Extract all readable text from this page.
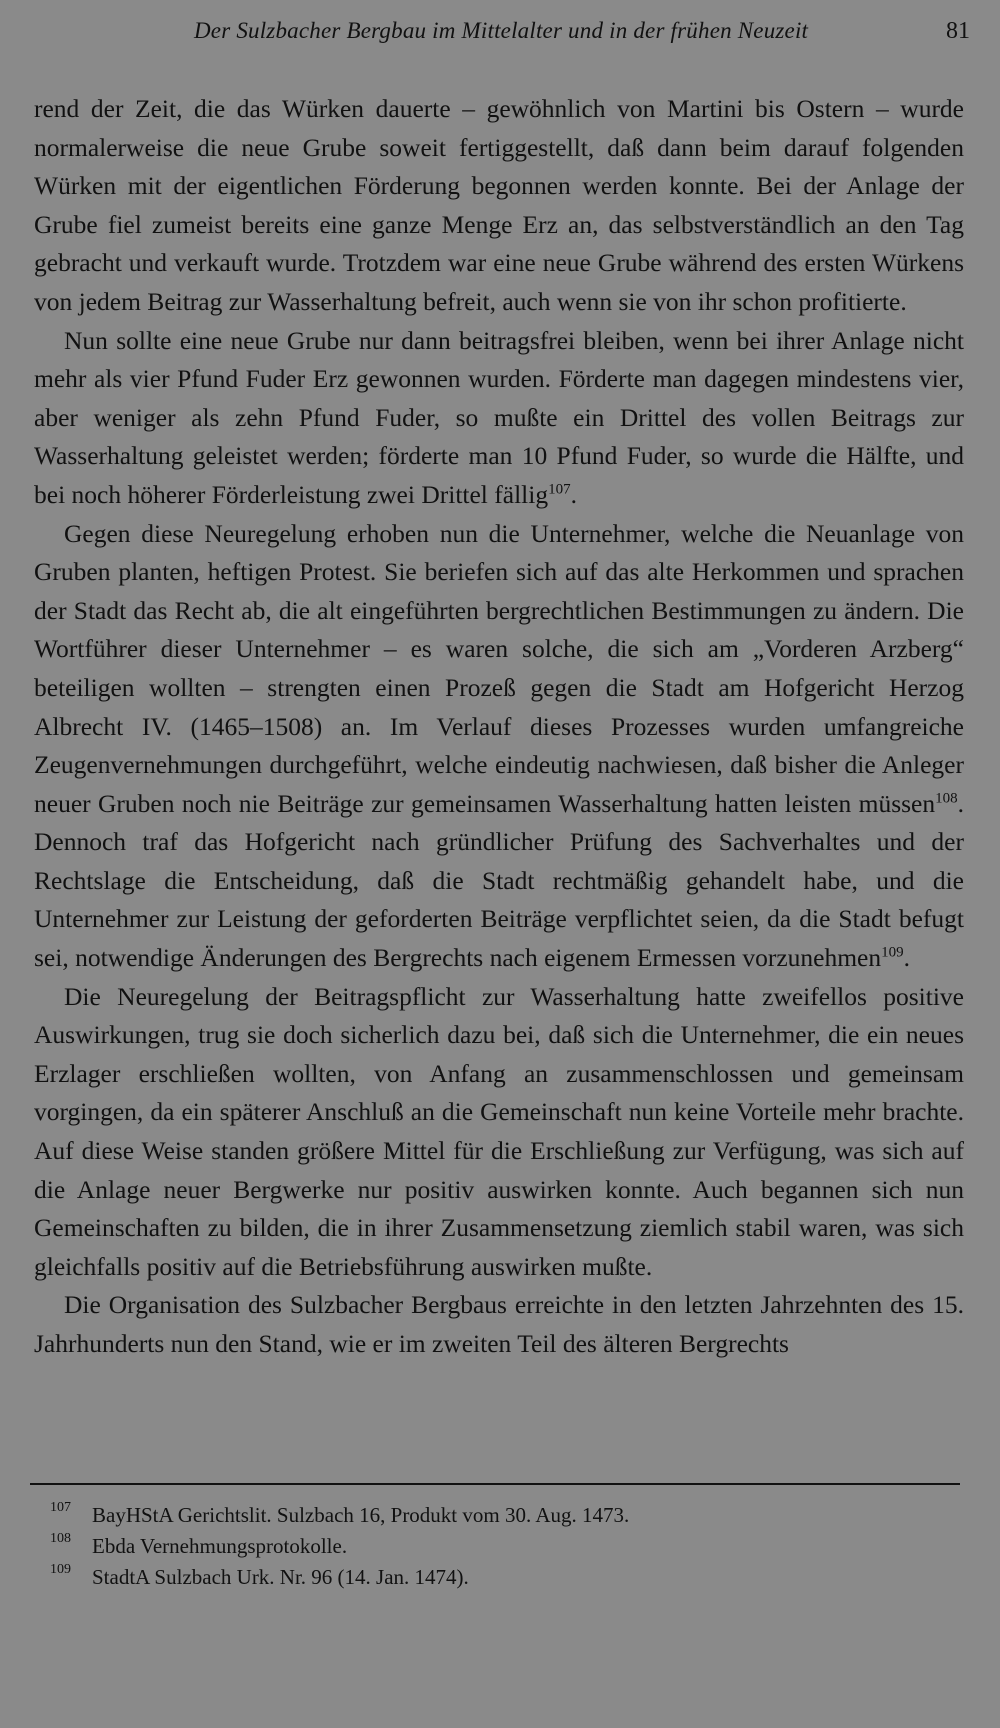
Der Sulzbacher Bergbau im Mittelalter und in der frühen Neuzeit	81

rend der Zeit, die das Würken dauerte – gewöhnlich von Martini bis Ostern – wurde normalerweise die neue Grube soweit fertiggestellt, daß dann beim darauf folgenden Würken mit der eigentlichen Förderung begonnen werden konnte. Bei der Anlage der Grube fiel zumeist bereits eine ganze Menge Erz an, das selbstverständlich an den Tag gebracht und verkauft wurde. Trotzdem war eine neue Grube während des ersten Würkens von jedem Beitrag zur Wasserhaltung befreit, auch wenn sie von ihr schon profitierte.

Nun sollte eine neue Grube nur dann beitragsfrei bleiben, wenn bei ihrer Anlage nicht mehr als vier Pfund Fuder Erz gewonnen wurden. Förderte man dagegen mindestens vier, aber weniger als zehn Pfund Fuder, so mußte ein Drittel des vollen Beitrags zur Wasserhaltung geleistet werden; förderte man 10 Pfund Fuder, so wurde die Hälfte, und bei noch höherer Förderleistung zwei Drittel fällig$^{107}$.

Gegen diese Neuregelung erhoben nun die Unternehmer, welche die Neuanlage von Gruben planten, heftigen Protest. Sie beriefen sich auf das alte Herkommen und sprachen der Stadt das Recht ab, die alt eingeführten bergrechtlichen Bestimmungen zu ändern. Die Wortführer dieser Unternehmer – es waren solche, die sich am „Vorderen Arzberg“ beteiligen wollten – strengten einen Prozeß gegen die Stadt am Hofgericht Herzog Albrecht IV. (1465–1508) an. Im Verlauf dieses Prozesses wurden umfangreiche Zeugenvernehmungen durchgeführt, welche eindeutig nachwiesen, daß bisher die Anleger neuer Gruben noch nie Beiträge zur gemeinsamen Wasserhaltung hatten leisten müssen$^{108}$. Dennoch traf das Hofgericht nach gründlicher Prüfung des Sachverhaltes und der Rechtslage die Entscheidung, daß die Stadt rechtmäßig gehandelt habe, und die Unternehmer zur Leistung der geforderten Beiträge verpflichtet seien, da die Stadt befugt sei, notwendige Änderungen des Bergrechts nach eigenem Ermessen vorzunehmen$^{109}$.

Die Neuregelung der Beitragspflicht zur Wasserhaltung hatte zweifellos positive Auswirkungen, trug sie doch sicherlich dazu bei, daß sich die Unternehmer, die ein neues Erzlager erschließen wollten, von Anfang an zusammenschlossen und gemeinsam vorgingen, da ein späterer Anschluß an die Gemeinschaft nun keine Vorteile mehr brachte. Auf diese Weise standen größere Mittel für die Erschließung zur Verfügung, was sich auf die Anlage neuer Bergwerke nur positiv auswirken konnte. Auch begannen sich nun Gemeinschaften zu bilden, die in ihrer Zusammensetzung ziemlich stabil waren, was sich gleichfalls positiv auf die Betriebsführung auswirken mußte.

Die Organisation des Sulzbacher Bergbaus erreichte in den letzten Jahrzehnten des 15. Jahrhunderts nun den Stand, wie er im zweiten Teil des älteren Bergrechts

107 BayHStA Gerichtslit. Sulzbach 16, Produkt vom 30. Aug. 1473.
108 Ebda Vernehmungsprotokolle.
109 StadtA Sulzbach Urk. Nr. 96 (14. Jan. 1474).
